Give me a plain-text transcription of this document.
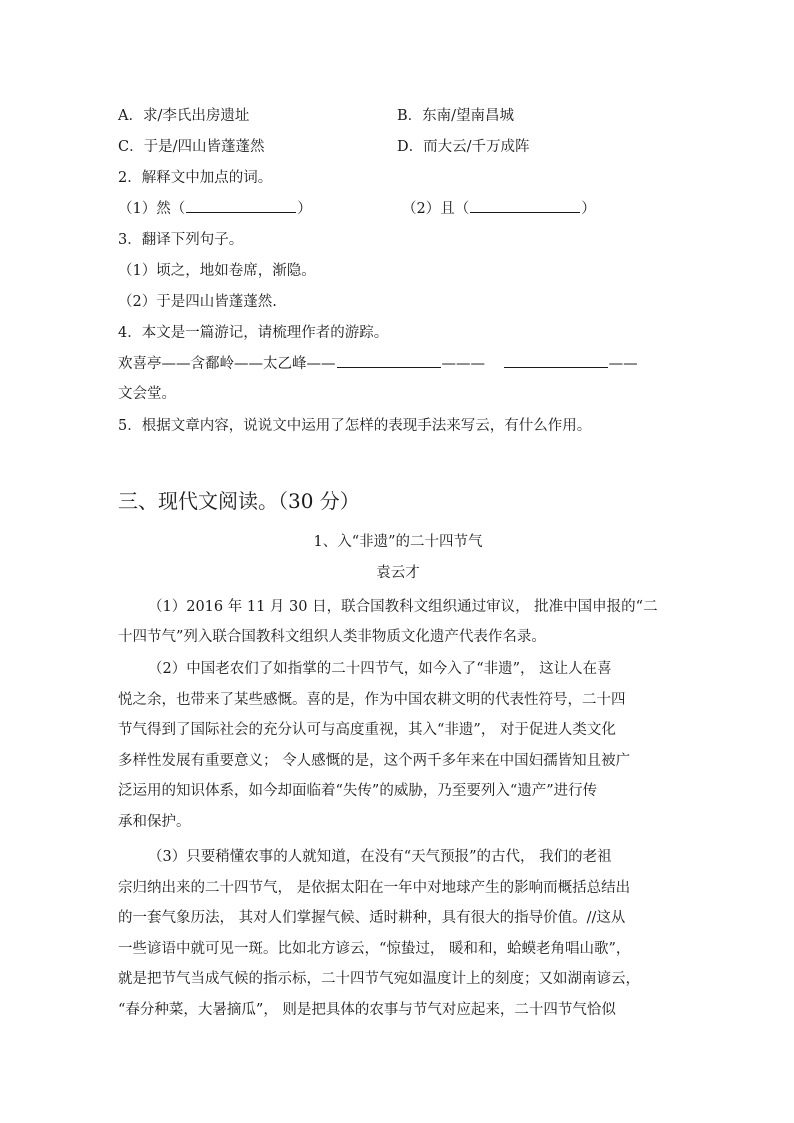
A．求/李氏出房遗址	B．东南/望南昌城
C．于是/四山皆蓬蓬然	D．而大云/千万成阵
2．解释文中加点的词。
（1）然（	）	（2）且（	）
3．翻译下列句子。
（1）顷之，地如卷席，渐隐。
（2）于是四山皆蓬蓬然.
4．本文是一篇游记，请梳理作者的游踪。
欢喜亭——含鄱岭——太乙峰——	———	——
文会堂。
5．根据文章内容，说说文中运用了怎样的表现手法来写云，有什么作用。
三、现代文阅读。（30 分）
1、入“非遗”的二十四节气
袁云才
（1）2016 年 11 月 30 日，联合国教科文组织通过审议， 批准中国申报的“二
十四节气”列入联合国教科文组织人类非物质文化遗产代表作名录。
（2）中国老农们了如指掌的二十四节气，如今入了“非遗”， 这让人在喜
悦之余，也带来了某些感慨。喜的是，作为中国农耕文明的代表性符号，二十四
节气得到了国际社会的充分认可与高度重视，其入“非遗”， 对于促进人类文化
多样性发展有重要意义； 令人感慨的是，这个两千多年来在中国妇孺皆知且被广
泛运用的知识体系，如今却面临着“失传”的威胁，乃至要列入“遗产”进行传
承和保护。
（3）只要稍懂农事的人就知道，在没有“天气预报”的古代， 我们的老祖
宗归纳出来的二十四节气， 是依据太阳在一年中对地球产生的影响而概括总结出
的一套气象历法， 其对人们掌握气候、适时耕种，具有很大的指导价值。//这从
一些谚语中就可见一斑。比如北方谚云，“惊蛰过， 暖和和，蛤蟆老角唱山歌”，
就是把节气当成气候的指示标，二十四节气宛如温度计上的刻度；又如湖南谚云，
“春分种菜，大暑摘瓜”， 则是把具体的农事与节气对应起来，二十四节气恰似
